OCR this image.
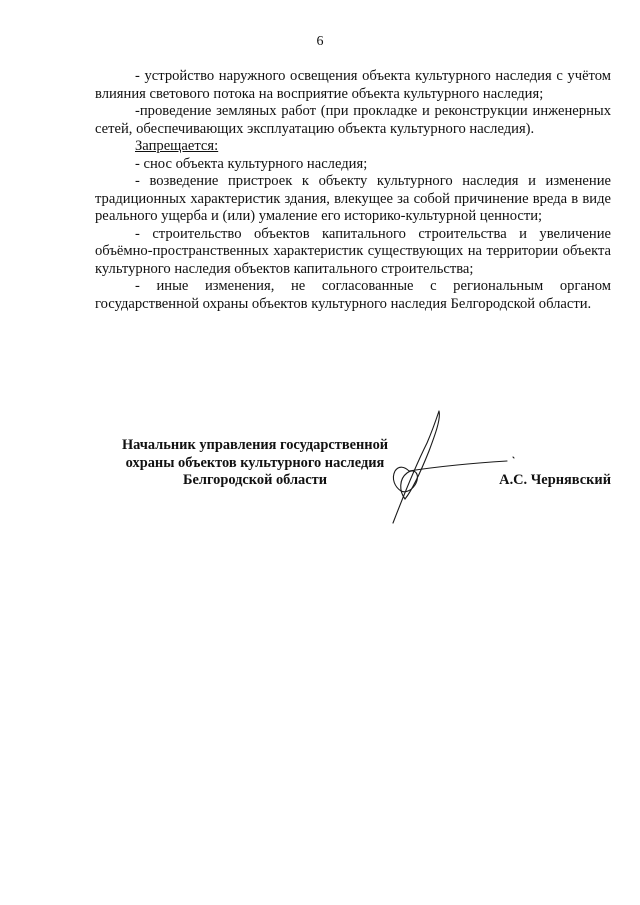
6

- устройство наружного освещения объекта культурного наследия с учётом влияния светового потока на восприятие объекта культурного наследия;

-проведение земляных работ (при прокладке и реконструкции инженерных сетей, обеспечивающих эксплуатацию объекта культурного наследия).

Запрещается:

- снос объекта культурного наследия;

- возведение пристроек к объекту культурного наследия и изменение традиционных характеристик здания, влекущее за собой причинение вреда в виде реального ущерба и (или) умаление его историко-культурной ценности;

- строительство объектов капитального строительства и увеличение объёмно-пространственных характеристик существующих на территории объекта культурного наследия объектов капитального строительства;

- иные изменения, не согласованные с региональным органом государственной охраны объектов культурного наследия Белгородской области.

Начальник управления государственной
охраны объектов культурного наследия
Белгородской области	А.С. Чернявский
